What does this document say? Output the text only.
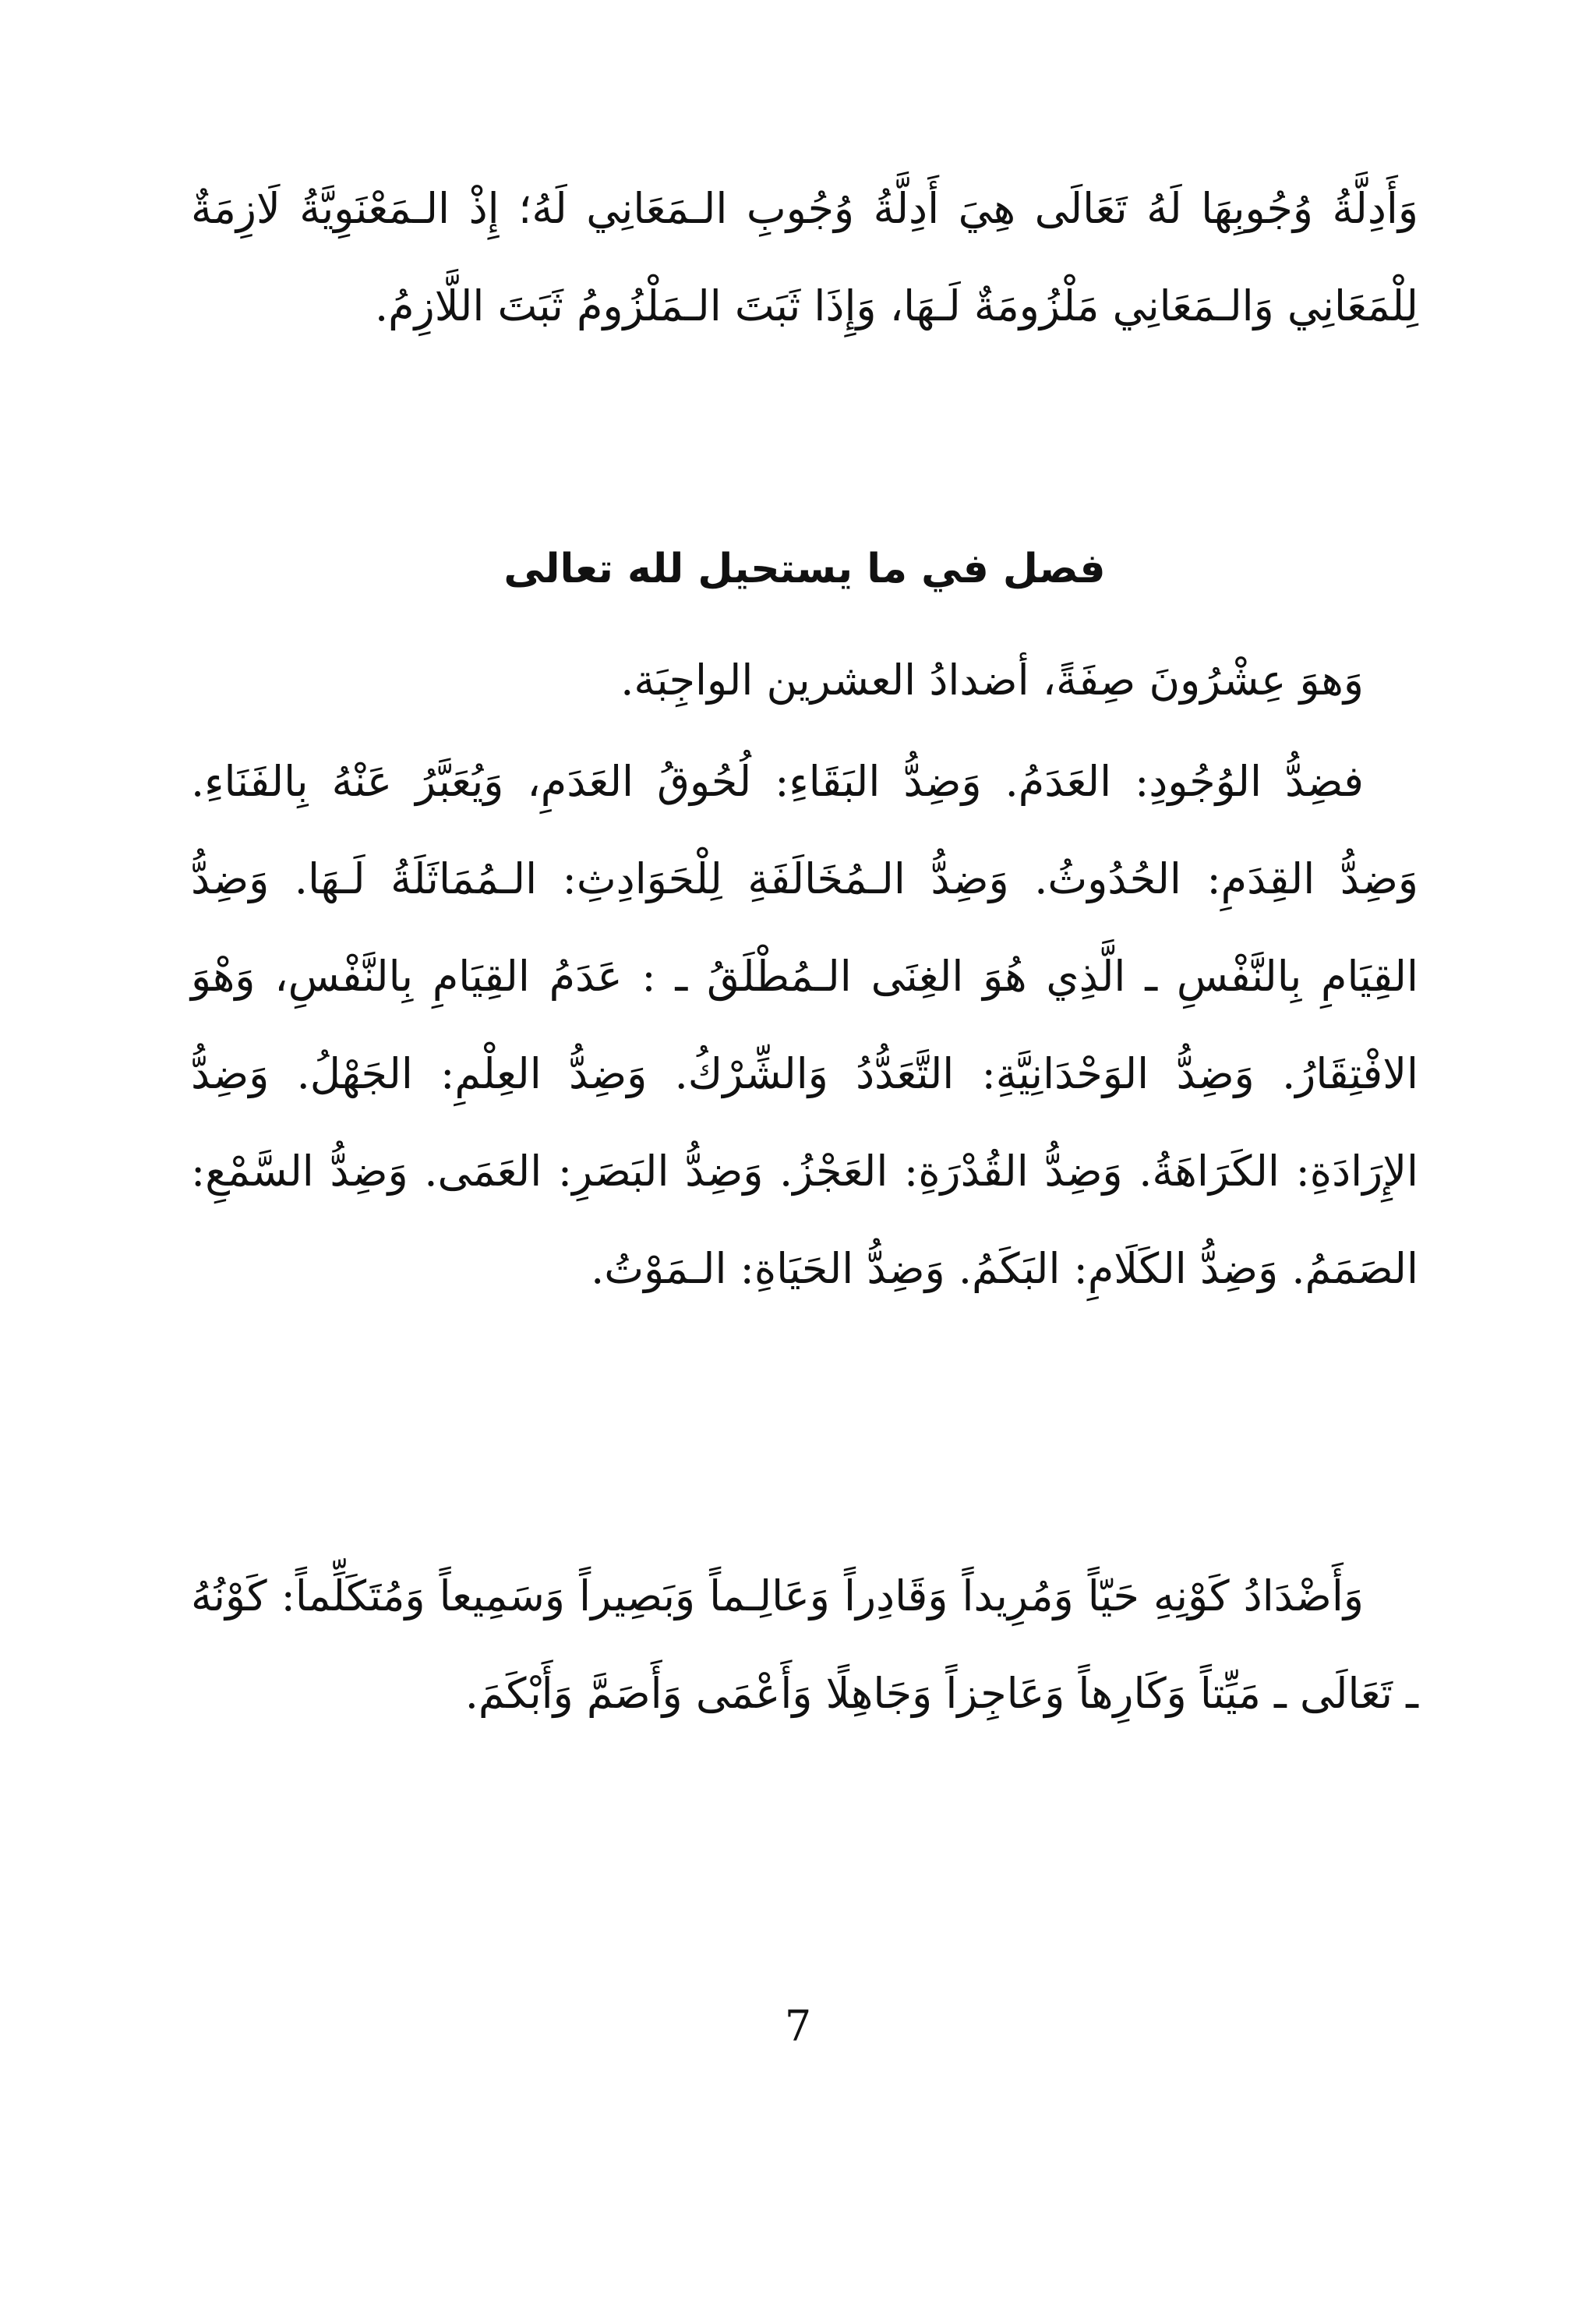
وَأَدِلَّةُ وُجُوبِهَا لَهُ تَعَالَى هِيَ أَدِلَّةُ وُجُوبِ الـمَعَانِي لَهُ؛ إِذْ الـمَعْنَوِيَّةُ لَازِمَةٌ لِلْمَعَانِي وَالـمَعَانِي مَلْزُومَةٌ لَـهَا، وَإِذَا ثَبَتَ الـمَلْزُومُ ثَبَتَ اللَّازِمُ.

فصل في ما يستحيل لله تعالى

وَهوَ عِشْرُونَ صِفَةً، أضدادُ العشرين الواجِبَة.

فضِدُّ الوُجُودِ: العَدَمُ. وَضِدُّ البَقَاءِ: لُحُوقُ العَدَمِ، وَيُعَبَّرُ عَنْهُ بِالفَنَاءِ. وَضِدُّ القِدَمِ: الحُدُوثُ. وَضِدُّ الـمُخَالَفَةِ لِلْحَوَادِثِ: الـمُمَاثَلَةُ لَـهَا. وَضِدُّ القِيَامِ بِالنَّفْسِ ـ الَّذِي هُوَ الغِنَى الـمُطْلَقُ ـ : عَدَمُ القِيَامِ بِالنَّفْسِ، وَهْوَ الافْتِقَارُ. وَضِدُّ الوَحْدَانِيَّةِ: التَّعَدُّدُ وَالشِّرْكُ. وَضِدُّ العِلْمِ: الجَهْلُ. وَضِدُّ الإِرَادَةِ: الكَرَاهَةُ. وَضِدُّ القُدْرَةِ: العَجْزُ. وَضِدُّ البَصَرِ: العَمَى. وَضِدُّ السَّمْعِ: الصَمَمُ. وَضِدُّ الكَلَامِ: البَكَمُ. وَضِدُّ الحَيَاةِ: الـمَوْتُ.

وَأَضْدَادُ كَوْنِهِ حَيّاً وَمُرِيداً وَقَادِراً وَعَالِـماً وَبَصِيراً وَسَمِيعاً وَمُتَكَلِّماً: كَوْنُهُ ـ تَعَالَى ـ مَيِّتاً وَكَارِهاً وَعَاجِزاً وَجَاهِلًا وَأَعْمَى وَأَصَمَّ وَأَبْكَمَ.

7
